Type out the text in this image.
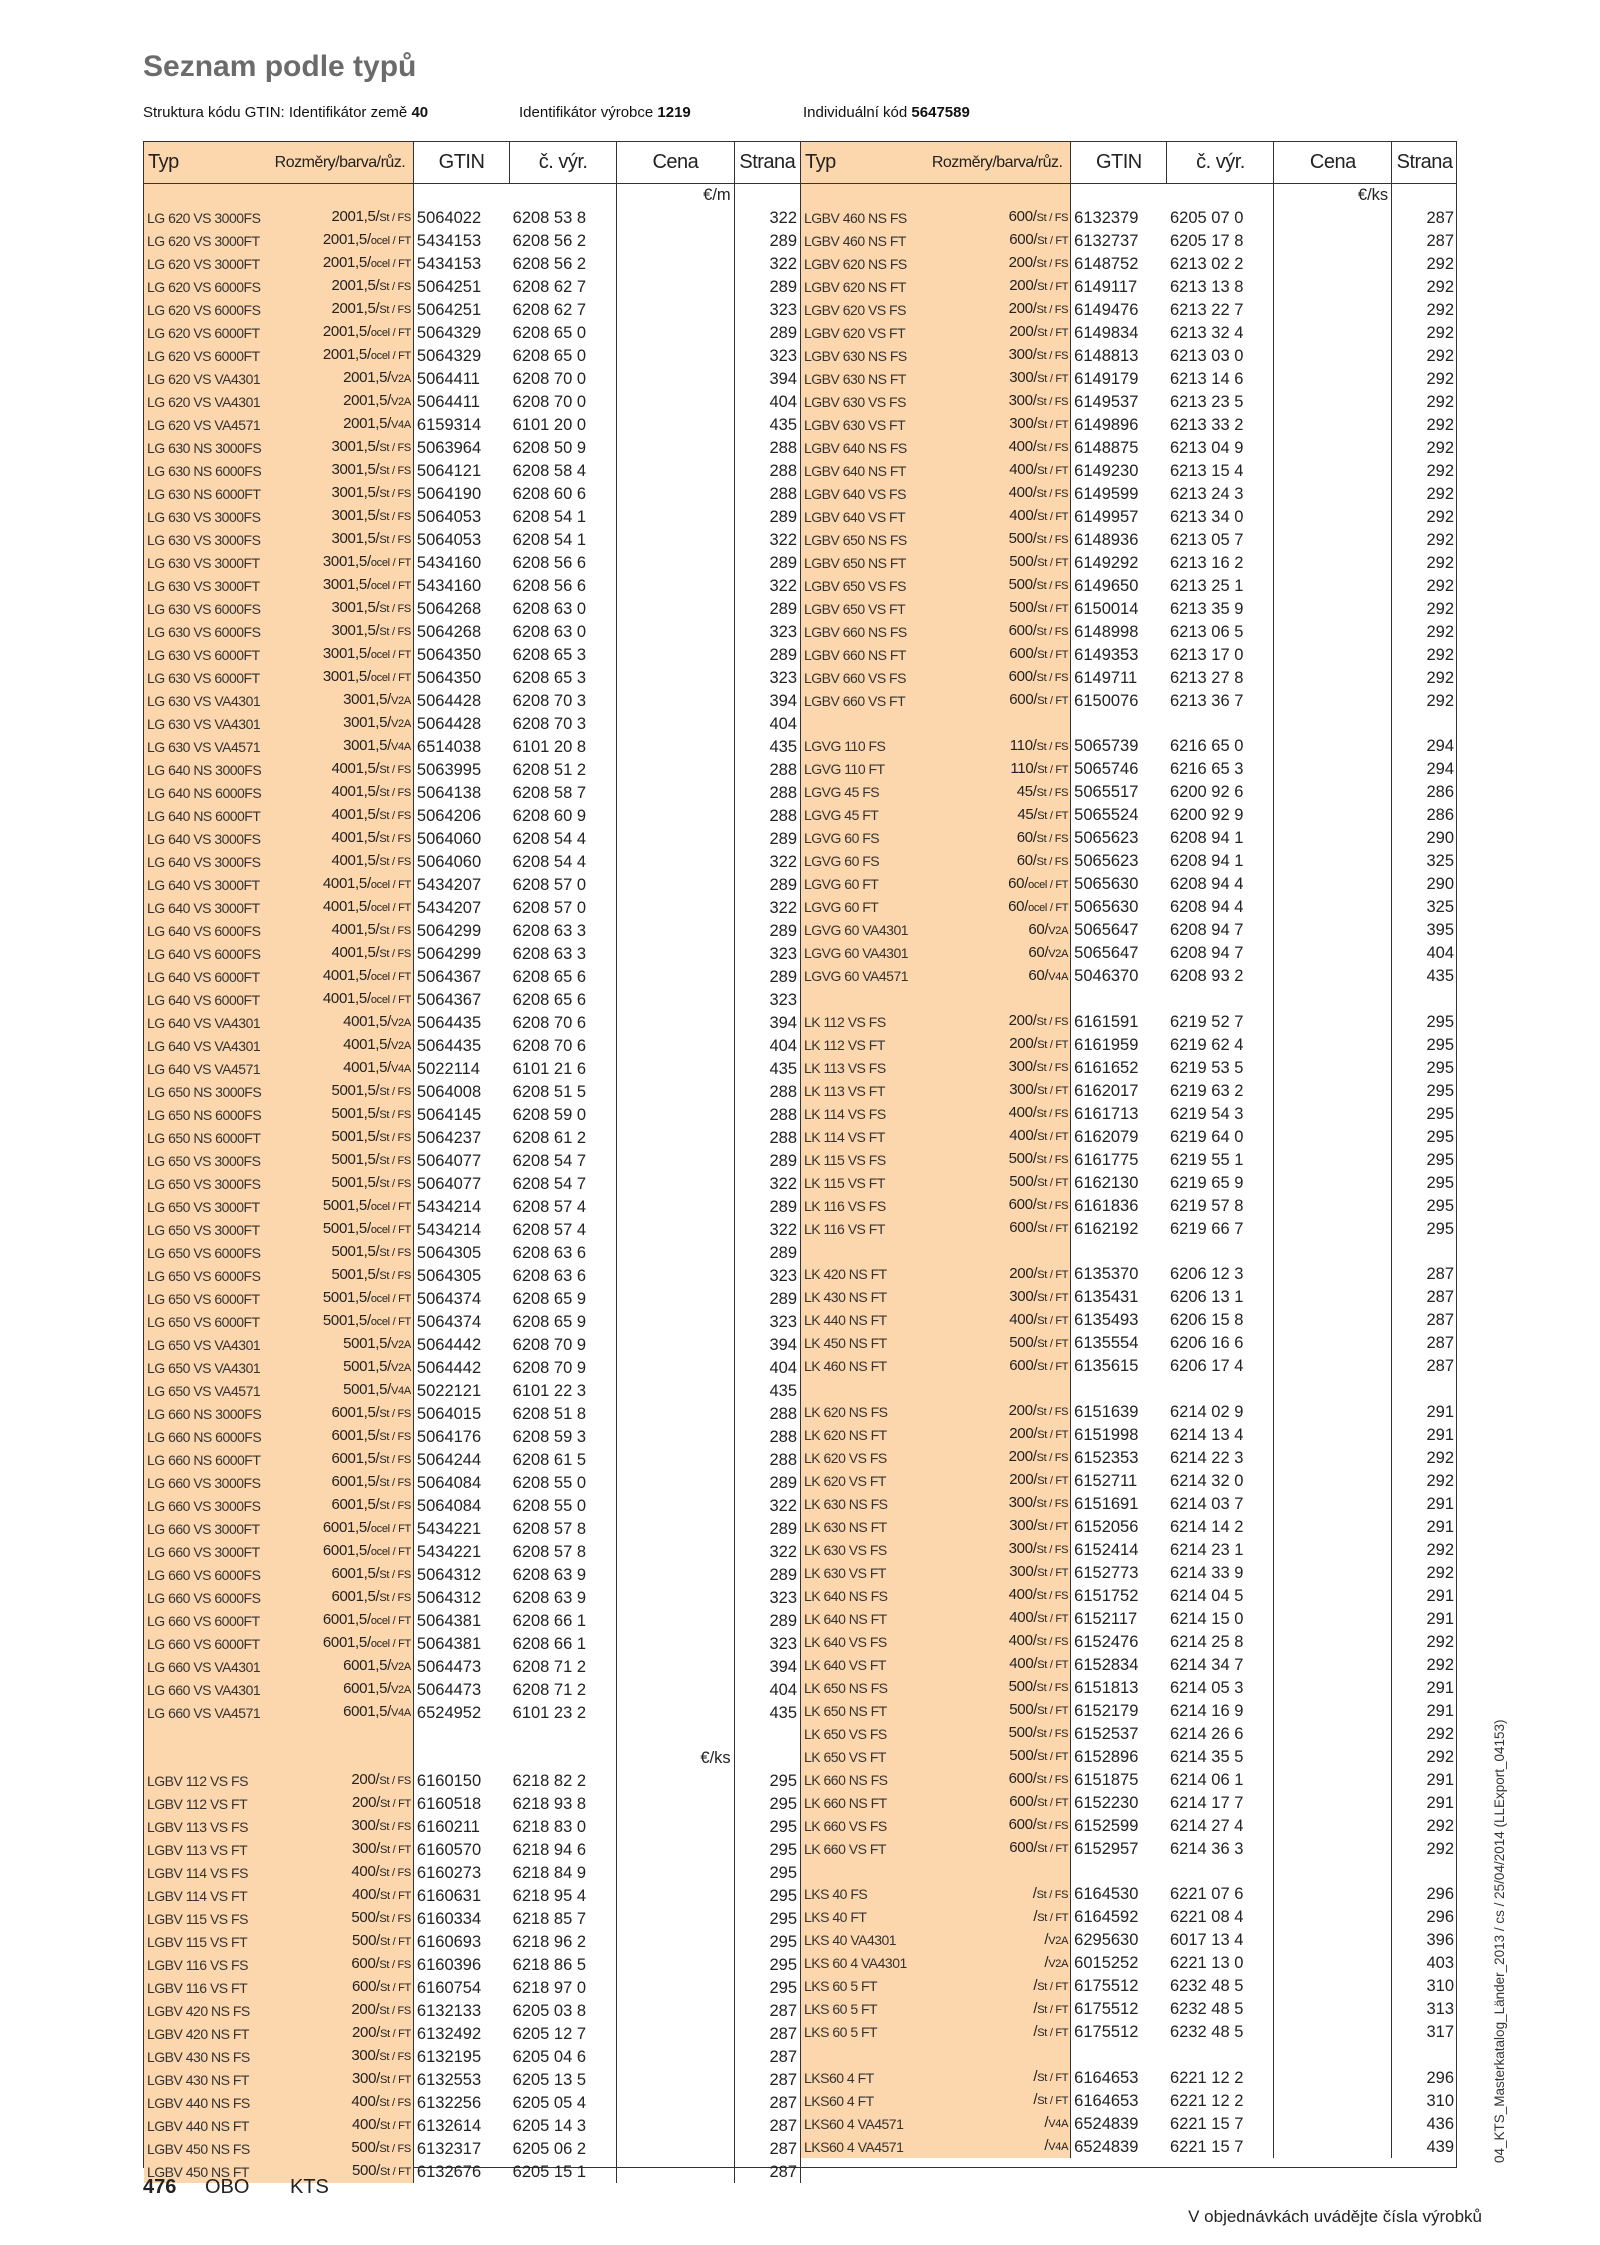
Seznam podle typů
Struktura kódu GTIN: Identifikátor země 40	Identifikátor výrobce 1219	Individuální kód 5647589
Typ	Rozměry/barva/růz.	GTIN	č. výr.	Cena	Strana
				€/m	
LG 620 VS 3000FS	2001,5/St / FS	5064022	6208 53 8		322
LG 620 VS 3000FT	2001,5/ocel / FT	5434153	6208 56 2		289
LG 620 VS 3000FT	2001,5/ocel / FT	5434153	6208 56 2		322
LG 620 VS 6000FS	2001,5/St / FS	5064251	6208 62 7		289
LG 620 VS 6000FS	2001,5/St / FS	5064251	6208 62 7		323
LG 620 VS 6000FT	2001,5/ocel / FT	5064329	6208 65 0		289
LG 620 VS 6000FT	2001,5/ocel / FT	5064329	6208 65 0		323
LG 620 VS VA4301	2001,5/V2A	5064411	6208 70 0		394
LG 620 VS VA4301	2001,5/V2A	5064411	6208 70 0		404
LG 620 VS VA4571	2001,5/V4A	6159314	6101 20 0		435
LG 630 NS 3000FS	3001,5/St / FS	5063964	6208 50 9		288
LG 630 NS 6000FS	3001,5/St / FS	5064121	6208 58 4		288
LG 630 NS 6000FT	3001,5/St / FS	5064190	6208 60 6		288
LG 630 VS 3000FS	3001,5/St / FS	5064053	6208 54 1		289
LG 630 VS 3000FS	3001,5/St / FS	5064053	6208 54 1		322
LG 630 VS 3000FT	3001,5/ocel / FT	5434160	6208 56 6		289
LG 630 VS 3000FT	3001,5/ocel / FT	5434160	6208 56 6		322
LG 630 VS 6000FS	3001,5/St / FS	5064268	6208 63 0		289
LG 630 VS 6000FS	3001,5/St / FS	5064268	6208 63 0		323
LG 630 VS 6000FT	3001,5/ocel / FT	5064350	6208 65 3		289
LG 630 VS 6000FT	3001,5/ocel / FT	5064350	6208 65 3		323
LG 630 VS VA4301	3001,5/V2A	5064428	6208 70 3		394
LG 630 VS VA4301	3001,5/V2A	5064428	6208 70 3		404
LG 630 VS VA4571	3001,5/V4A	6514038	6101 20 8		435
LG 640 NS 3000FS	4001,5/St / FS	5063995	6208 51 2		288
LG 640 NS 6000FS	4001,5/St / FS	5064138	6208 58 7		288
LG 640 NS 6000FT	4001,5/St / FS	5064206	6208 60 9		288
LG 640 VS 3000FS	4001,5/St / FS	5064060	6208 54 4		289
LG 640 VS 3000FS	4001,5/St / FS	5064060	6208 54 4		322
LG 640 VS 3000FT	4001,5/ocel / FT	5434207	6208 57 0		289
LG 640 VS 3000FT	4001,5/ocel / FT	5434207	6208 57 0		322
LG 640 VS 6000FS	4001,5/St / FS	5064299	6208 63 3		289
LG 640 VS 6000FS	4001,5/St / FS	5064299	6208 63 3		323
LG 640 VS 6000FT	4001,5/ocel / FT	5064367	6208 65 6		289
LG 640 VS 6000FT	4001,5/ocel / FT	5064367	6208 65 6		323
LG 640 VS VA4301	4001,5/V2A	5064435	6208 70 6		394
LG 640 VS VA4301	4001,5/V2A	5064435	6208 70 6		404
LG 640 VS VA4571	4001,5/V4A	5022114	6101 21 6		435
LG 650 NS 3000FS	5001,5/St / FS	5064008	6208 51 5		288
LG 650 NS 6000FS	5001,5/St / FS	5064145	6208 59 0		288
LG 650 NS 6000FT	5001,5/St / FS	5064237	6208 61 2		288
LG 650 VS 3000FS	5001,5/St / FS	5064077	6208 54 7		289
LG 650 VS 3000FS	5001,5/St / FS	5064077	6208 54 7		322
LG 650 VS 3000FT	5001,5/ocel / FT	5434214	6208 57 4		289
LG 650 VS 3000FT	5001,5/ocel / FT	5434214	6208 57 4		322
LG 650 VS 6000FS	5001,5/St / FS	5064305	6208 63 6		289
LG 650 VS 6000FS	5001,5/St / FS	5064305	6208 63 6		323
LG 650 VS 6000FT	5001,5/ocel / FT	5064374	6208 65 9		289
LG 650 VS 6000FT	5001,5/ocel / FT	5064374	6208 65 9		323
LG 650 VS VA4301	5001,5/V2A	5064442	6208 70 9		394
LG 650 VS VA4301	5001,5/V2A	5064442	6208 70 9		404
LG 650 VS VA4571	5001,5/V4A	5022121	6101 22 3		435
LG 660 NS 3000FS	6001,5/St / FS	5064015	6208 51 8		288
LG 660 NS 6000FS	6001,5/St / FS	5064176	6208 59 3		288
LG 660 NS 6000FT	6001,5/St / FS	5064244	6208 61 5		288
LG 660 VS 3000FS	6001,5/St / FS	5064084	6208 55 0		289
LG 660 VS 3000FS	6001,5/St / FS	5064084	6208 55 0		322
LG 660 VS 3000FT	6001,5/ocel / FT	5434221	6208 57 8		289
LG 660 VS 3000FT	6001,5/ocel / FT	5434221	6208 57 8		322
LG 660 VS 6000FS	6001,5/St / FS	5064312	6208 63 9		289
LG 660 VS 6000FS	6001,5/St / FS	5064312	6208 63 9		323
LG 660 VS 6000FT	6001,5/ocel / FT	5064381	6208 66 1		289
LG 660 VS 6000FT	6001,5/ocel / FT	5064381	6208 66 1		323
LG 660 VS VA4301	6001,5/V2A	5064473	6208 71 2		394
LG 660 VS VA4301	6001,5/V2A	5064473	6208 71 2		404
LG 660 VS VA4571	6001,5/V4A	6524952	6101 23 2		435

				€/ks	
LGBV 112 VS FS	200/St / FS	6160150	6218 82 2		295
LGBV 112 VS FT	200/St / FT	6160518	6218 93 8		295
LGBV 113 VS FS	300/St / FS	6160211	6218 83 0		295
LGBV 113 VS FT	300/St / FT	6160570	6218 94 6		295
LGBV 114 VS FS	400/St / FS	6160273	6218 84 9		295
LGBV 114 VS FT	400/St / FT	6160631	6218 95 4		295
LGBV 115 VS FS	500/St / FS	6160334	6218 85 7		295
LGBV 115 VS FT	500/St / FT	6160693	6218 96 2		295
LGBV 116 VS FS	600/St / FS	6160396	6218 86 5		295
LGBV 116 VS FT	600/St / FT	6160754	6218 97 0		295
LGBV 420 NS FS	200/St / FS	6132133	6205 03 8		287
LGBV 420 NS FT	200/St / FT	6132492	6205 12 7		287
LGBV 430 NS FS	300/St / FS	6132195	6205 04 6		287
LGBV 430 NS FT	300/St / FT	6132553	6205 13 5		287
LGBV 440 NS FS	400/St / FS	6132256	6205 05 4		287
LGBV 440 NS FT	400/St / FT	6132614	6205 14 3		287
LGBV 450 NS FS	500/St / FS	6132317	6205 06 2		287
LGBV 450 NS FT	500/St / FT	6132676	6205 15 1		287
Typ	Rozměry/barva/růz.	GTIN	č. výr.	Cena	Strana
				€/ks	
LGBV 460 NS FS	600/St / FS	6132379	6205 07 0		287
LGBV 460 NS FT	600/St / FT	6132737	6205 17 8		287
LGBV 620 NS FS	200/St / FS	6148752	6213 02 2		292
LGBV 620 NS FT	200/St / FT	6149117	6213 13 8		292
LGBV 620 VS FS	200/St / FS	6149476	6213 22 7		292
LGBV 620 VS FT	200/St / FT	6149834	6213 32 4		292
LGBV 630 NS FS	300/St / FS	6148813	6213 03 0		292
LGBV 630 NS FT	300/St / FT	6149179	6213 14 6		292
LGBV 630 VS FS	300/St / FS	6149537	6213 23 5		292
LGBV 630 VS FT	300/St / FT	6149896	6213 33 2		292
LGBV 640 NS FS	400/St / FS	6148875	6213 04 9		292
LGBV 640 NS FT	400/St / FT	6149230	6213 15 4		292
LGBV 640 VS FS	400/St / FS	6149599	6213 24 3		292
LGBV 640 VS FT	400/St / FT	6149957	6213 34 0		292
LGBV 650 NS FS	500/St / FS	6148936	6213 05 7		292
LGBV 650 NS FT	500/St / FT	6149292	6213 16 2		292
LGBV 650 VS FS	500/St / FS	6149650	6213 25 1		292
LGBV 650 VS FT	500/St / FT	6150014	6213 35 9		292
LGBV 660 NS FS	600/St / FS	6148998	6213 06 5		292
LGBV 660 NS FT	600/St / FT	6149353	6213 17 0		292
LGBV 660 VS FS	600/St / FS	6149711	6213 27 8		292
LGBV 660 VS FT	600/St / FT	6150076	6213 36 7		292

LGVG 110 FS	110/St / FS	5065739	6216 65 0		294
LGVG 110 FT	110/St / FT	5065746	6216 65 3		294
LGVG 45 FS	45/St / FS	5065517	6200 92 6		286
LGVG 45 FT	45/St / FT	5065524	6200 92 9		286
LGVG 60 FS	60/St / FS	5065623	6208 94 1		290
LGVG 60 FS	60/St / FS	5065623	6208 94 1		325
LGVG 60 FT	60/ocel / FT	5065630	6208 94 4		290
LGVG 60 FT	60/ocel / FT	5065630	6208 94 4		325
LGVG 60 VA4301	60/V2A	5065647	6208 94 7		395
LGVG 60 VA4301	60/V2A	5065647	6208 94 7		404
LGVG 60 VA4571	60/V4A	5046370	6208 93 2		435

LK 112 VS FS	200/St / FS	6161591	6219 52 7		295
LK 112 VS FT	200/St / FT	6161959	6219 62 4		295
LK 113 VS FS	300/St / FS	6161652	6219 53 5		295
LK 113 VS FT	300/St / FT	6162017	6219 63 2		295
LK 114 VS FS	400/St / FS	6161713	6219 54 3		295
LK 114 VS FT	400/St / FT	6162079	6219 64 0		295
LK 115 VS FS	500/St / FS	6161775	6219 55 1		295
LK 115 VS FT	500/St / FT	6162130	6219 65 9		295
LK 116 VS FS	600/St / FS	6161836	6219 57 8		295
LK 116 VS FT	600/St / FT	6162192	6219 66 7		295

LK 420 NS FT	200/St / FT	6135370	6206 12 3		287
LK 430 NS FT	300/St / FT	6135431	6206 13 1		287
LK 440 NS FT	400/St / FT	6135493	6206 15 8		287
LK 450 NS FT	500/St / FT	6135554	6206 16 6		287
LK 460 NS FT	600/St / FT	6135615	6206 17 4		287

LK 620 NS FS	200/St / FS	6151639	6214 02 9		291
LK 620 NS FT	200/St / FT	6151998	6214 13 4		291
LK 620 VS FS	200/St / FS	6152353	6214 22 3		292
LK 620 VS FT	200/St / FT	6152711	6214 32 0		292
LK 630 NS FS	300/St / FS	6151691	6214 03 7		291
LK 630 NS FT	300/St / FT	6152056	6214 14 2		291
LK 630 VS FS	300/St / FS	6152414	6214 23 1		292
LK 630 VS FT	300/St / FT	6152773	6214 33 9		292
LK 640 NS FS	400/St / FS	6151752	6214 04 5		291
LK 640 NS FT	400/St / FT	6152117	6214 15 0		291
LK 640 VS FS	400/St / FS	6152476	6214 25 8		292
LK 640 VS FT	400/St / FT	6152834	6214 34 7		292
LK 650 NS FS	500/St / FS	6151813	6214 05 3		291
LK 650 NS FT	500/St / FT	6152179	6214 16 9		291
LK 650 VS FS	500/St / FS	6152537	6214 26 6		292
LK 650 VS FT	500/St / FT	6152896	6214 35 5		292
LK 660 NS FS	600/St / FS	6151875	6214 06 1		291
LK 660 NS FT	600/St / FT	6152230	6214 17 7		291
LK 660 VS FS	600/St / FS	6152599	6214 27 4		292
LK 660 VS FT	600/St / FT	6152957	6214 36 3		292

LKS 40 FS	/St / FS	6164530	6221 07 6		296
LKS 40 FT	/St / FT	6164592	6221 08 4		296
LKS 40 VA4301	/V2A	6295630	6017 13 4		396
LKS 60 4 VA4301	/V2A	6015252	6221 13 0		403
LKS 60 5 FT	/St / FT	6175512	6232 48 5		310
LKS 60 5 FT	/St / FT	6175512	6232 48 5		313
LKS 60 5 FT	/St / FT	6175512	6232 48 5		317

LKS60 4 FT	/St / FT	6164653	6221 12 2		296
LKS60 4 FT	/St / FT	6164653	6221 12 2		310
LKS60 4 VA4571	/V4A	6524839	6221 15 7		436
LKS60 4 VA4571	/V4A	6524839	6221 15 7		439
476 OBO KTS
V objednávkách uvádějte čísla výrobků
04_KTS_Masterkatalog_Länder_2013 / cs / 25/04/2014 (LLExport_04153)
